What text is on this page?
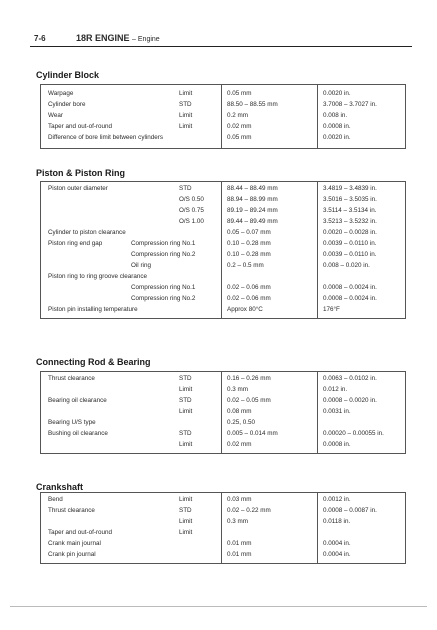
7-6	18R ENGINE – Engine
Cylinder Block
Warpage	Limit	0.05 mm	0.0020 in.
Cylinder bore	STD	88.50 – 88.55 mm	3.7008 – 3.7027 in.
Wear	Limit	0.2 mm	0.008 in.
Taper and out-of-round	Limit	0.02 mm	0.0008 in.
Difference of bore limit between cylinders	0.05 mm	0.0020 in.
Piston & Piston Ring
Piston outer diameter	STD	88.44 – 88.49 mm	3.4819 – 3.4839 in.
O/S 0.50	88.94 – 88.99 mm	3.5016 – 3.5035 in.
O/S 0.75	89.19 – 89.24 mm	3.5114 – 3.5134 in.
O/S 1.00	89.44 – 89.49 mm	3.5213 – 3.5232 in.
Cylinder to piston clearance	0.05 – 0.07 mm	0.0020 – 0.0028 in.
Piston ring end gap	Compression ring No.1	0.10 – 0.28 mm	0.0039 – 0.0110 in.
Compression ring No.2	0.10 – 0.28 mm	0.0039 – 0.0110 in.
Oil ring	0.2 – 0.5 mm	0.008 – 0.020 in.
Piston ring to ring groove clearance
Compression ring No.1	0.02 – 0.06 mm	0.0008 – 0.0024 in.
Compression ring No.2	0.02 – 0.06 mm	0.0008 – 0.0024 in.
Piston pin installing temperature	Approx 80°C	176°F
Connecting Rod & Bearing
Thrust clearance	STD	0.16 – 0.26 mm	0.0063 – 0.0102 in.
Limit	0.3 mm	0.012 in.
Bearing oil clearance	STD	0.02 – 0.05 mm	0.0008 – 0.0020 in.
Limit	0.08 mm	0.0031 in.
Bearing U/S type	0.25, 0.50
Bushing oil clearance	STD	0.005 – 0.014 mm	0.00020 – 0.00055 in.
Limit	0.02 mm	0.0008 in.
Crankshaft
Bend	Limit	0.03 mm	0.0012 in.
Thrust clearance	STD	0.02 – 0.22 mm	0.0008 – 0.0087 in.
Limit	0.3 mm	0.0118 in.
Taper and out-of-round	Limit
Crank main journal	0.01 mm	0.0004 in.
Crank pin journal	0.01 mm	0.0004 in.
